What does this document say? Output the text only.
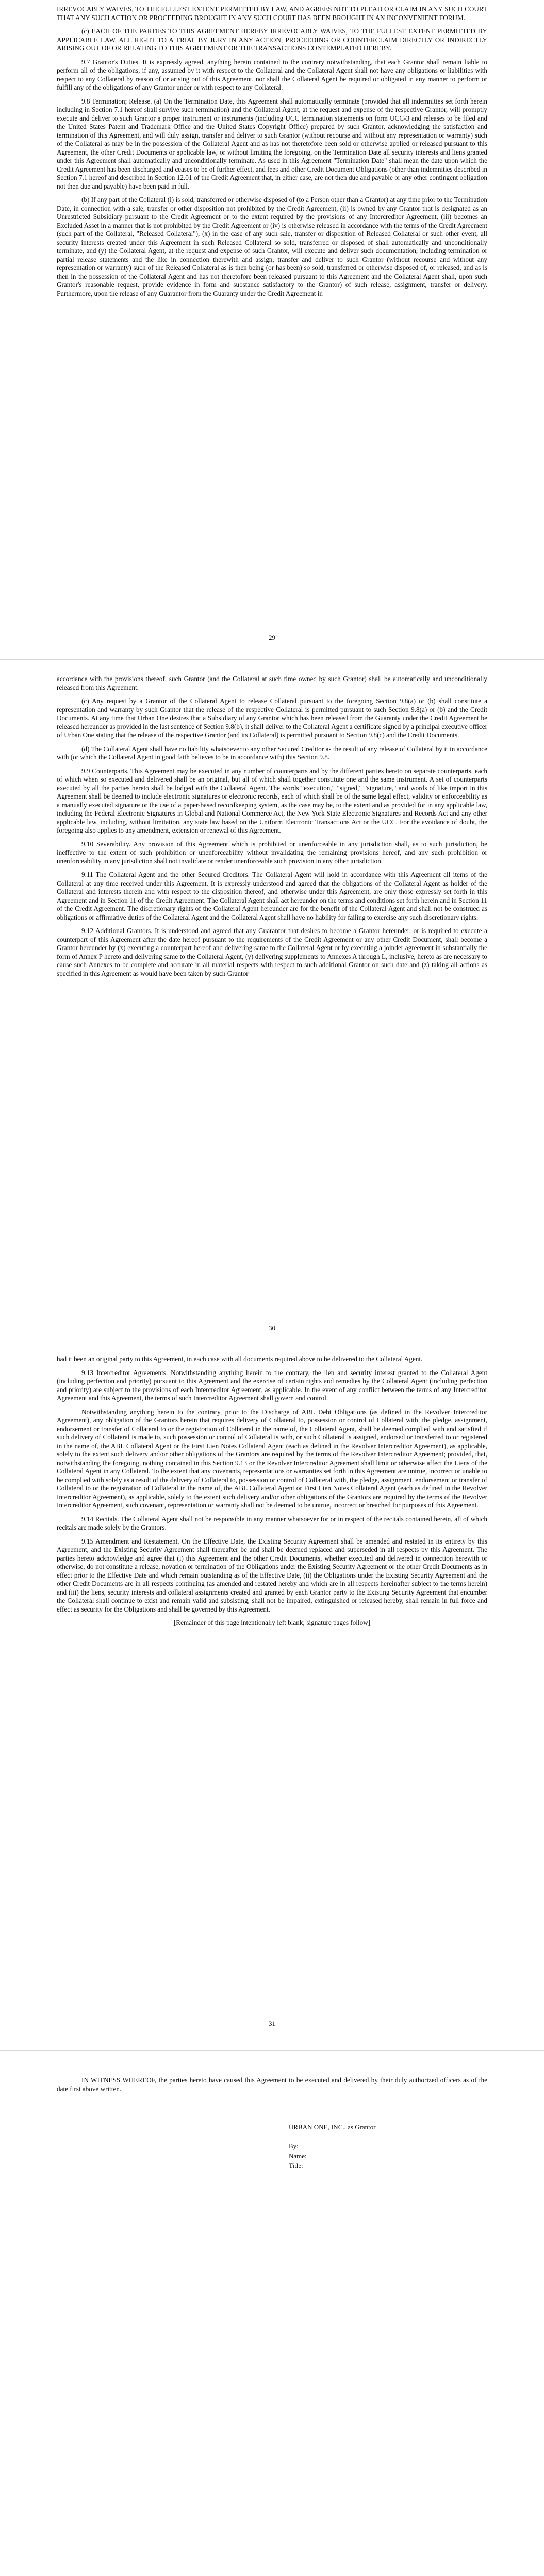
IRREVOCABLY WAIVES, TO THE FULLEST EXTENT PERMITTED BY LAW, AND AGREES NOT TO PLEAD OR CLAIM IN ANY SUCH COURT THAT ANY SUCH ACTION OR PROCEEDING BROUGHT IN ANY SUCH COURT HAS BEEN BROUGHT IN AN INCONVENIENT FORUM.

(c) EACH OF THE PARTIES TO THIS AGREEMENT HEREBY IRREVOCABLY WAIVES, TO THE FULLEST EXTENT PERMITTED BY APPLICABLE LAW, ALL RIGHT TO A TRIAL BY JURY IN ANY ACTION, PROCEEDING OR COUNTERCLAIM DIRECTLY OR INDIRECTLY ARISING OUT OF OR RELATING TO THIS AGREEMENT OR THE TRANSACTIONS CONTEMPLATED HEREBY.

9.7 Grantor's Duties. It is expressly agreed, anything herein contained to the contrary notwithstanding, that each Grantor shall remain liable to perform all of the obligations, if any, assumed by it with respect to the Collateral and the Collateral Agent shall not have any obligations or liabilities with respect to any Collateral by reason of or arising out of this Agreement, nor shall the Collateral Agent be required or obligated in any manner to perform or fulfill any of the obligations of any Grantor under or with respect to any Collateral.

9.8 Termination; Release. (a) On the Termination Date, this Agreement shall automatically terminate (provided that all indemnities set forth herein including in Section 7.1 hereof shall survive such termination) and the Collateral Agent, at the request and expense of the respective Grantor, will promptly execute and deliver to such Grantor a proper instrument or instruments (including UCC termination statements on form UCC-3 and releases to be filed and the United States Patent and Trademark Office and the United States Copyright Office) prepared by such Grantor, acknowledging the satisfaction and termination of this Agreement, and will duly assign, transfer and deliver to such Grantor (without recourse and without any representation or warranty) such of the Collateral as may be in the possession of the Collateral Agent and as has not theretofore been sold or otherwise applied or released pursuant to this Agreement, the other Credit Documents or applicable law, or without limiting the foregoing, on the Termination Date all security interests and liens granted under this Agreement shall automatically and unconditionally terminate. As used in this Agreement "Termination Date" shall mean the date upon which the Credit Agreement has been discharged and ceases to be of further effect, and fees and other Credit Document Obligations (other than indemnities described in Section 7.1 hereof and described in Section 12.01 of the Credit Agreement that, in either case, are not then due and payable or any other contingent obligation not then due and payable) have been paid in full.

(b) If any part of the Collateral (i) is sold, transferred or otherwise disposed of (to a Person other than a Grantor) at any time prior to the Termination Date, in connection with a sale, transfer or other disposition not prohibited by the Credit Agreement, (ii) is owned by any Grantor that is designated as an Unrestricted Subsidiary pursuant to the Credit Agreement or to the extent required by the provisions of any Intercreditor Agreement, (iii) becomes an Excluded Asset in a manner that is not prohibited by the Credit Agreement or (iv) is otherwise released in accordance with the terms of the Credit Agreement (such part of the Collateral, "Released Collateral"), (x) in the case of any such sale, transfer or disposition of Released Collateral or such other event, all security interests created under this Agreement in such Released Collateral so sold, transferred or disposed of shall automatically and unconditionally terminate, and (y) the Collateral Agent, at the request and expense of such Grantor, will execute and deliver such documentation, including termination or partial release statements and the like in connection therewith and assign, transfer and deliver to such Grantor (without recourse and without any representation or warranty) such of the Released Collateral as is then being (or has been) so sold, transferred or otherwise disposed of, or released, and as is then in the possession of the Collateral Agent and has not theretofore been released pursuant to this Agreement and the Collateral Agent shall, upon such Grantor's reasonable request, provide evidence in form and substance satisfactory to the Grantor) of such release, assignment, transfer or delivery. Furthermore, upon the release of any Guarantor from the Guaranty under the Credit Agreement in

29

accordance with the provisions thereof, such Grantor (and the Collateral at such time owned by such Grantor) shall be automatically and unconditionally released from this Agreement.

(c) Any request by a Grantor of the Collateral Agent to release Collateral pursuant to the foregoing Section 9.8(a) or (b) shall constitute a representation and warranty by such Grantor that the release of the respective Collateral is permitted pursuant to such Section 9.8(a) or (b) and the Credit Documents. At any time that Urban One desires that a Subsidiary of any Grantor which has been released from the Guaranty under the Credit Agreement be released hereunder as provided in the last sentence of Section 9.8(b), it shall deliver to the Collateral Agent a certificate signed by a principal executive officer of Urban One stating that the release of the respective Grantor (and its Collateral) is permitted pursuant to Section 9.8(c) and the Credit Documents.

(d) The Collateral Agent shall have no liability whatsoever to any other Secured Creditor as the result of any release of Collateral by it in accordance with (or which the Collateral Agent in good faith believes to be in accordance with) this Section 9.8.

9.9 Counterparts. This Agreement may be executed in any number of counterparts and by the different parties hereto on separate counterparts, each of which when so executed and delivered shall be an original, but all of which shall together constitute one and the same instrument. A set of counterparts executed by all the parties hereto shall be lodged with the Collateral Agent. The words "execution," "signed," "signature," and words of like import in this Agreement shall be deemed to include electronic signatures or electronic records, each of which shall be of the same legal effect, validity or enforceability as a manually executed signature or the use of a paper-based recordkeeping system, as the case may be, to the extent and as provided for in any applicable law, including the Federal Electronic Signatures in Global and National Commerce Act, the New York State Electronic Signatures and Records Act and any other applicable law, including, without limitation, any state law based on the Uniform Electronic Transactions Act or the UCC. For the avoidance of doubt, the foregoing also applies to any amendment, extension or renewal of this Agreement.

9.10 Severability. Any provision of this Agreement which is prohibited or unenforceable in any jurisdiction shall, as to such jurisdiction, be ineffective to the extent of such prohibition or unenforceability without invalidating the remaining provisions hereof, and any such prohibition or unenforceability in any jurisdiction shall not invalidate or render unenforceable such provision in any other jurisdiction.

9.11 The Collateral Agent and the other Secured Creditors. The Collateral Agent will hold in accordance with this Agreement all items of the Collateral at any time received under this Agreement. It is expressly understood and agreed that the obligations of the Collateral Agent as holder of the Collateral and interests therein and with respect to the disposition thereof, and otherwise under this Agreement, are only those expressly set forth in this Agreement and in Section 11 of the Credit Agreement. The Collateral Agent shall act hereunder on the terms and conditions set forth herein and in Section 11 of the Credit Agreement. The discretionary rights of the Collateral Agent hereunder are for the benefit of the Collateral Agent and shall not be construed as obligations or affirmative duties of the Collateral Agent and the Collateral Agent shall have no liability for failing to exercise any such discretionary rights.

9.12 Additional Grantors. It is understood and agreed that any Guarantor that desires to become a Grantor hereunder, or is required to execute a counterpart of this Agreement after the date hereof pursuant to the requirements of the Credit Agreement or any other Credit Document, shall become a Grantor hereunder by (x) executing a counterpart hereof and delivering same to the Collateral Agent or by executing a joinder agreement in substantially the form of Annex P hereto and delivering same to the Collateral Agent, (y) delivering supplements to Annexes A through L, inclusive, hereto as are necessary to cause such Annexes to be complete and accurate in all material respects with respect to such additional Grantor on such date and (z) taking all actions as specified in this Agreement as would have been taken by such Grantor

30

had it been an original party to this Agreement, in each case with all documents required above to be delivered to the Collateral Agent.

9.13 Intercreditor Agreements. Notwithstanding anything herein to the contrary, the lien and security interest granted to the Collateral Agent (including perfection and priority) pursuant to this Agreement and the exercise of certain rights and remedies by the Collateral Agent (including perfection and priority) are subject to the provisions of each Intercreditor Agreement, as applicable. In the event of any conflict between the terms of any Intercreditor Agreement and this Agreement, the terms of such Intercreditor Agreement shall govern and control.

Notwithstanding anything herein to the contrary, prior to the Discharge of ABL Debt Obligations (as defined in the Revolver Intercreditor Agreement), any obligation of the Grantors herein that requires delivery of Collateral to, possession or control of Collateral with, the pledge, assignment, endorsement or transfer of Collateral to or the registration of Collateral in the name of, the Collateral Agent, shall be deemed complied with and satisfied if such delivery of Collateral is made to, such possession or control of Collateral is with, or such Collateral is assigned, endorsed or transferred to or registered in the name of, the ABL Collateral Agent or the First Lien Notes Collateral Agent (each as defined in the Revolver Intercreditor Agreement), as applicable, solely to the extent such delivery and/or other obligations of the Grantors are required by the terms of the Revolver Intercreditor Agreement; provided, that, notwithstanding the foregoing, nothing contained in this Section 9.13 or the Revolver Intercreditor Agreement shall limit or otherwise affect the Liens of the Collateral Agent in any Collateral. To the extent that any covenants, representations or warranties set forth in this Agreement are untrue, incorrect or unable to be complied with solely as a result of the delivery of Collateral to, possession or control of Collateral with, the pledge, assignment, endorsement or transfer of Collateral to or the registration of Collateral in the name of, the ABL Collateral Agent or First Lien Notes Collateral Agent (each as defined in the Revolver Intercreditor Agreement), as applicable, solely to the extent such delivery and/or other obligations of the Grantors are required by the terms of the Revolver Intercreditor Agreement, such covenant, representation or warranty shall not be deemed to be untrue, incorrect or breached for purposes of this Agreement.

9.14 Recitals. The Collateral Agent shall not be responsible in any manner whatsoever for or in respect of the recitals contained herein, all of which recitals are made solely by the Grantors.

9.15 Amendment and Restatement. On the Effective Date, the Existing Security Agreement shall be amended and restated in its entirety by this Agreement, and the Existing Security Agreement shall thereafter be and shall be deemed replaced and superseded in all respects by this Agreement. The parties hereto acknowledge and agree that (i) this Agreement and the other Credit Documents, whether executed and delivered in connection herewith or otherwise, do not constitute a release, novation or termination of the Obligations under the Existing Security Agreement or the other Credit Documents as in effect prior to the Effective Date and which remain outstanding as of the Effective Date, (ii) the Obligations under the Existing Security Agreement and the other Credit Documents are in all respects continuing (as amended and restated hereby and which are in all respects hereinafter subject to the terms herein) and (iii) the liens, security interests and collateral assignments created and granted by each Grantor party to the Existing Security Agreement that encumber the Collateral shall continue to exist and remain valid and subsisting, shall not be impaired, extinguished or released hereby, shall remain in full force and effect as security for the Obligations and shall be governed by this Agreement.

[Remainder of this page intentionally left blank; signature pages follow]

31

IN WITNESS WHEREOF, the parties hereto have caused this Agreement to be executed and delivered by their duly authorized officers as of the date first above written.

URBAN ONE, INC., as Grantor
By:
Name:
Title:
